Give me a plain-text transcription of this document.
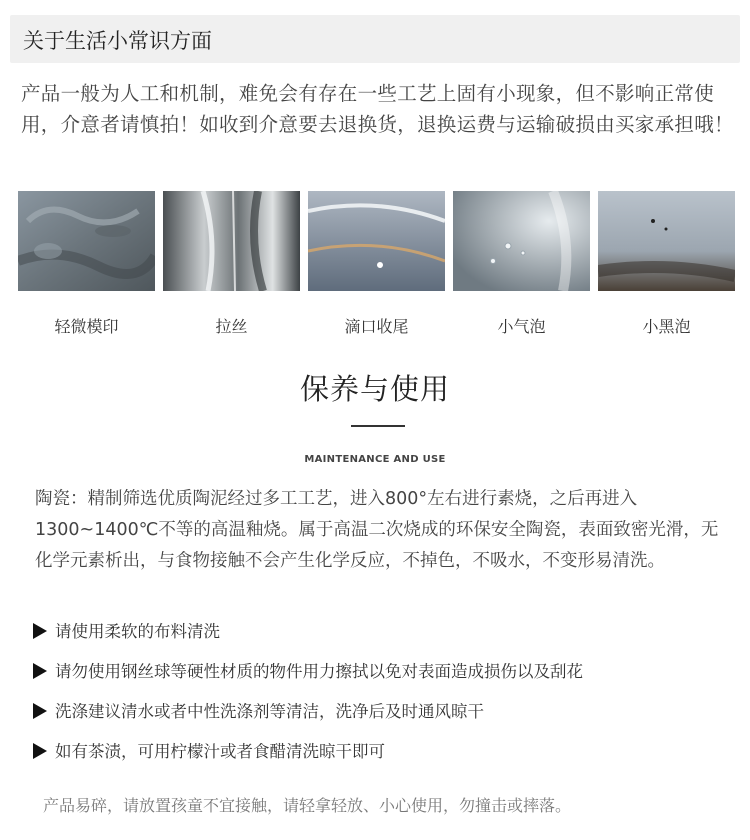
关于生活小常识方面
产品一般为人工和机制，难免会有存在一些工艺上固有小现象，但不影响正常使用，介意者请慎拍！如收到介意要去退换货，退换运费与运输破损由买家承担哦！
轻微模印	拉丝	滴口收尾	小气泡	小黑泡
保养与使用
MAINTENANCE AND USE
陶瓷：精制筛选优质陶泥经过多工工艺，进入800°左右进行素烧，之后再进入1300~1400℃不等的高温釉烧。属于高温二次烧成的环保安全陶瓷，表面致密光滑，无化学元素析出，与食物接触不会产生化学反应，不掉色，不吸水，不变形易清洗。
请使用柔软的布料清洗
请勿使用钢丝球等硬性材质的物件用力擦拭以免对表面造成损伤以及刮花
洗涤建议清水或者中性洗涤剂等清洁，洗净后及时通风晾干
如有茶渍，可用柠檬汁或者食醋清洗晾干即可
产品易碎，请放置孩童不宜接触，请轻拿轻放、小心使用，勿撞击或摔落。
